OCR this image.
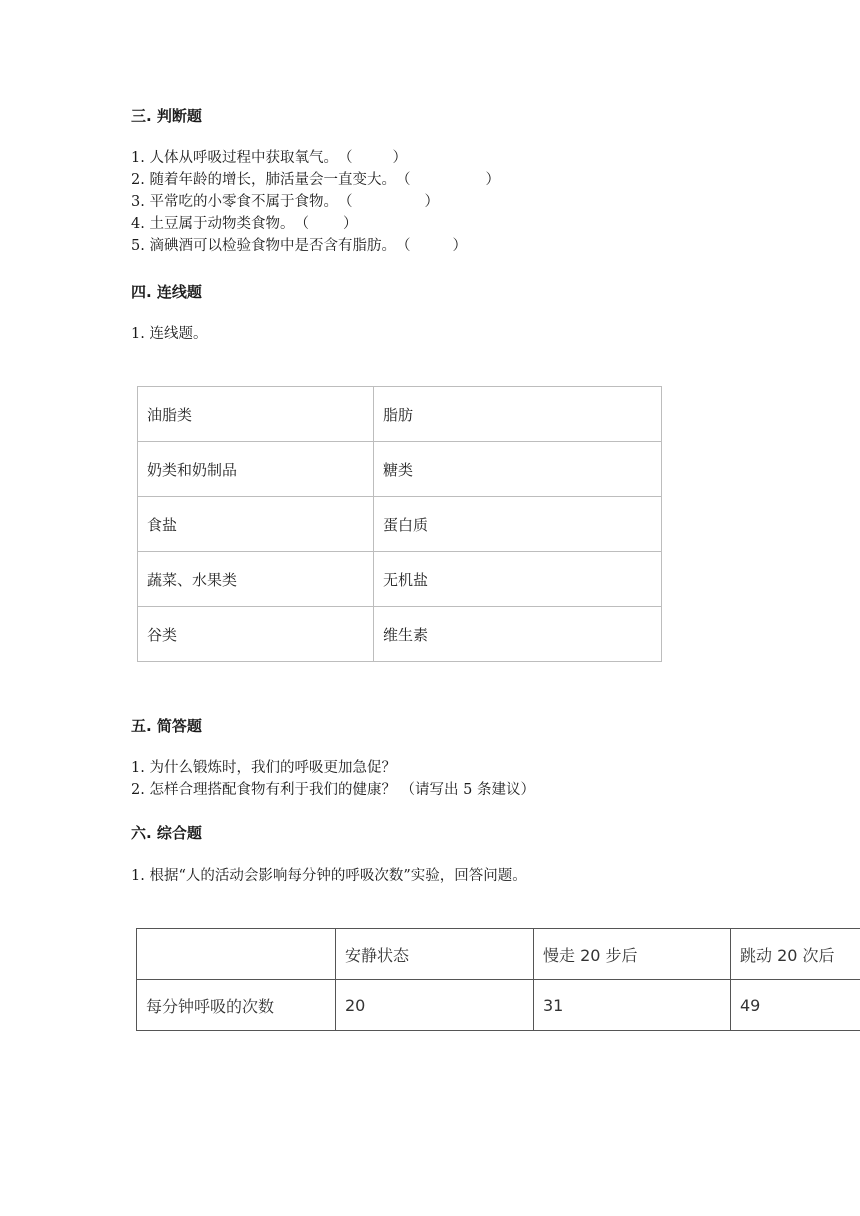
三. 判断题
1. 人体从呼吸过程中获取氧气。（	）
2. 随着年龄的增长，肺活量会一直变大。（	）
3. 平常吃的小零食不属于食物。（	）
4. 土豆属于动物类食物。（ ）
5. 滴碘酒可以检验食物中是否含有脂肪。（	）
四. 连线题

1. 连线题。

油脂类	脂肪
奶类和奶制品	糖类
食盐	蛋白质
蔬菜、水果类	无机盐
谷类	维生素
五. 简答题
1. 为什么锻炼时，我们的呼吸更加急促？
2. 怎样合理搭配食物有利于我们的健康？ （请写出 5 条建议）
六. 综合题

1. 根据“人的活动会影响每分钟的呼吸次数”实验，回答问题。

	安静状态	慢走 20 步后	跳动 20 次后
每分钟呼吸的次数	20	31	49
